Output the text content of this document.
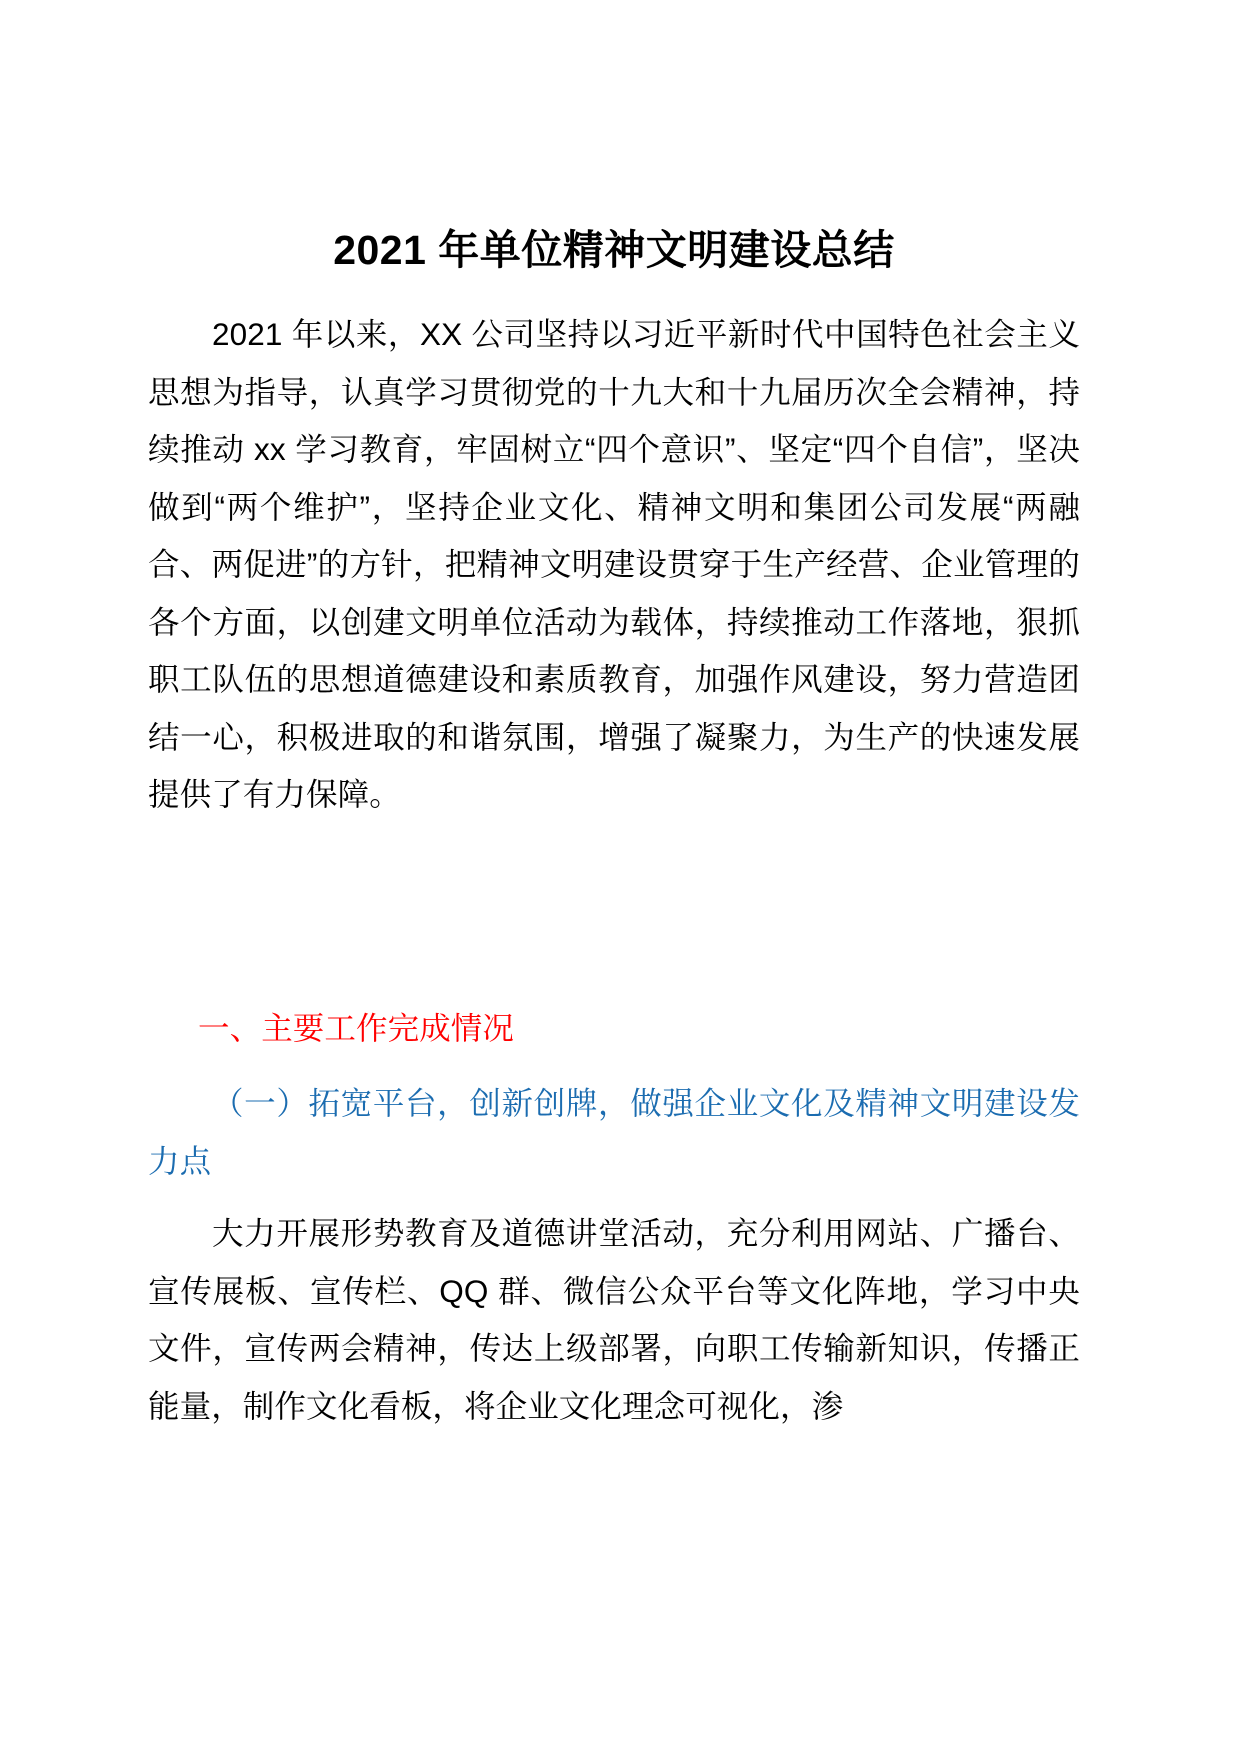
2021 年单位精神文明建设总结

2021 年以来，XX 公司坚持以习近平新时代中国特色社会主义思想为指导，认真学习贯彻党的十九大和十九届历次全会精神，持续推动 xx 学习教育，牢固树立“四个意识”、坚定“四个自信”，坚决做到“两个维护”，坚持企业文化、精神文明和集团公司发展“两融合、两促进”的方针，把精神文明建设贯穿于生产经营、企业管理的各个方面，以创建文明单位活动为载体，持续推动工作落地，狠抓职工队伍的思想道德建设和素质教育，加强作风建设，努力营造团结一心，积极进取的和谐氛围，增强了凝聚力，为生产的快速发展提供了有力保障。

一、主要工作完成情况

（一）拓宽平台，创新创牌，做强企业文化及精神文明建设发力点

大力开展形势教育及道德讲堂活动，充分利用网站、广播台、宣传展板、宣传栏、QQ 群、微信公众平台等文化阵地，学习中央文件，宣传两会精神，传达上级部署，向职工传输新知识，传播正能量，制作文化看板，将企业文化理念可视化，渗
